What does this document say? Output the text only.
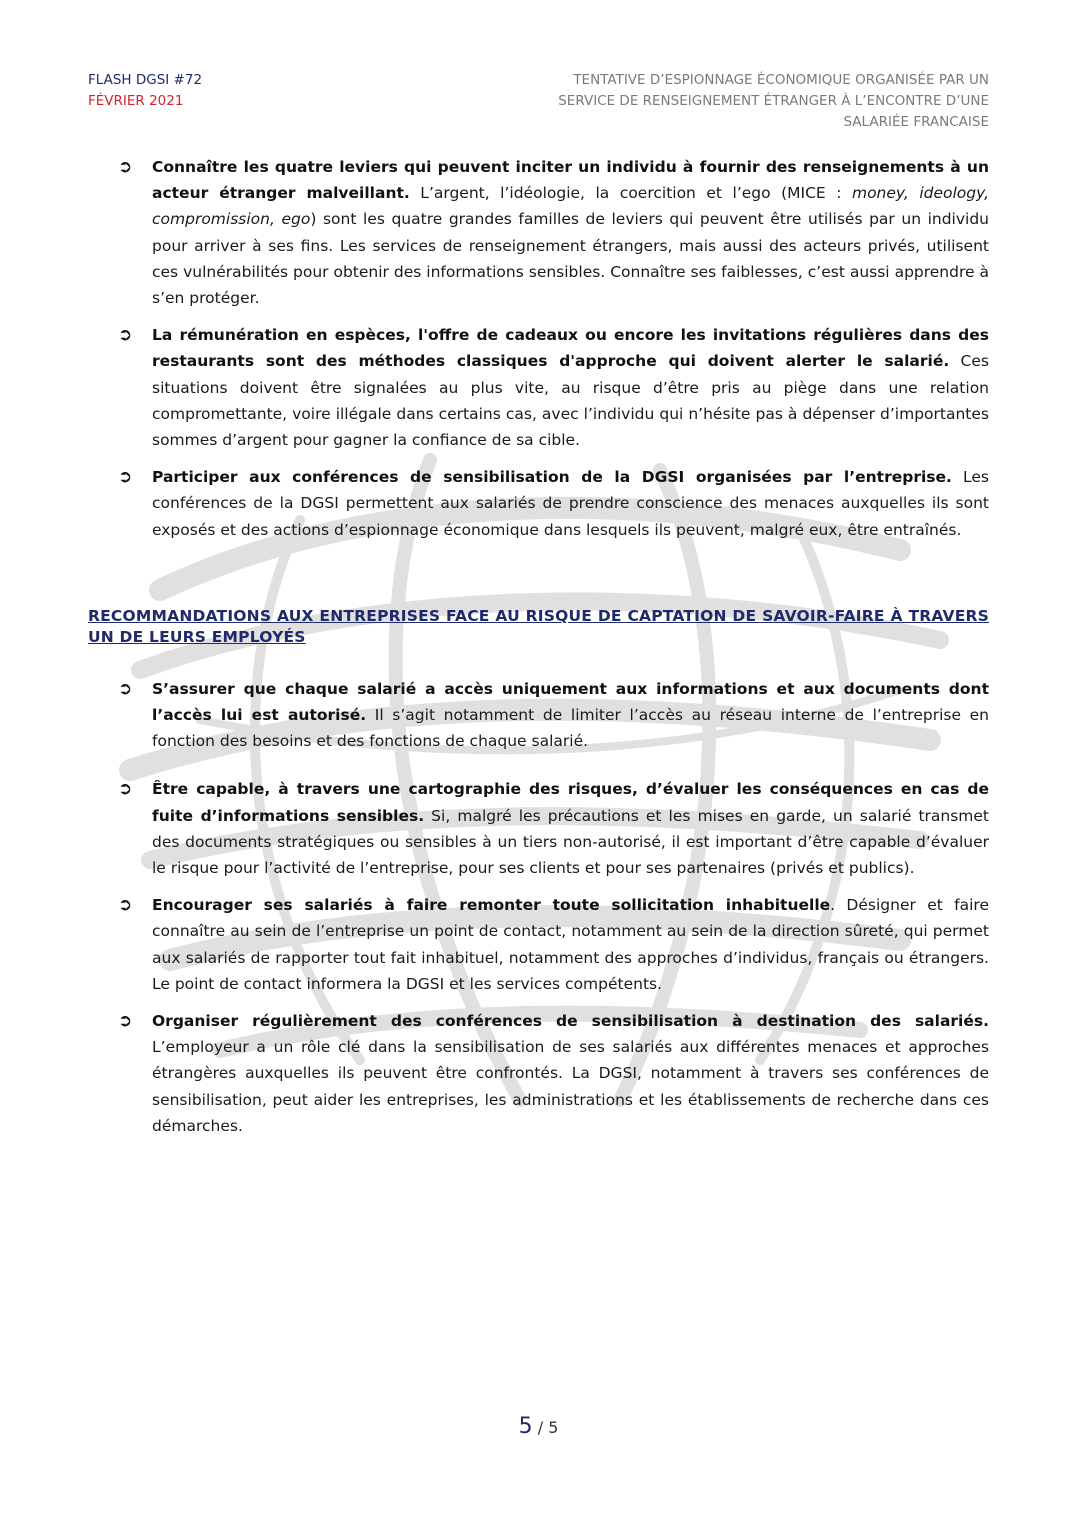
FLASH DGSI #72
FÉVRIER 2021
TENTATIVE D’ESPIONNAGE ÉCONOMIQUE ORGANISÉE PAR UN
SERVICE DE RENSEIGNEMENT ÉTRANGER À L’ENCONTRE D’UNE
SALARIÉE FRANCAISE
➲ Connaître les quatre leviers qui peuvent inciter un individu à fournir des renseignements à un acteur étranger malveillant. L’argent, l’idéologie, la coercition et l’ego (MICE : money, ideology, compromission, ego) sont les quatre grandes familles de leviers qui peuvent être utilisés par un individu pour arriver à ses fins. Les services de renseignement étrangers, mais aussi des acteurs privés, utilisent ces vulnérabilités pour obtenir des informations sensibles. Connaître ses faiblesses, c’est aussi apprendre à s’en protéger.
➲ La rémunération en espèces, l'offre de cadeaux ou encore les invitations régulières dans des restaurants sont des méthodes classiques d'approche qui doivent alerter le salarié. Ces situations doivent être signalées au plus vite, au risque d’être pris au piège dans une relation compromettante, voire illégale dans certains cas, avec l’individu qui n’hésite pas à dépenser d’importantes sommes d’argent pour gagner la confiance de sa cible.
➲ Participer aux conférences de sensibilisation de la DGSI organisées par l’entreprise. Les conférences de la DGSI permettent aux salariés de prendre conscience des menaces auxquelles ils sont exposés et des actions d’espionnage économique dans lesquels ils peuvent, malgré eux, être entraînés.
RECOMMANDATIONS AUX ENTREPRISES FACE AU RISQUE DE CAPTATION DE SAVOIR-FAIRE À TRAVERS UN DE LEURS EMPLOYÉS
➲ S’assurer que chaque salarié a accès uniquement aux informations et aux documents dont l’accès lui est autorisé. Il s’agit notamment de limiter l’accès au réseau interne de l’entreprise en fonction des besoins et des fonctions de chaque salarié.
➲ Être capable, à travers une cartographie des risques, d’évaluer les conséquences en cas de fuite d’informations sensibles. Si, malgré les précautions et les mises en garde, un salarié transmet des documents stratégiques ou sensibles à un tiers non-autorisé, il est important d’être capable d’évaluer le risque pour l’activité de l’entreprise, pour ses clients et pour ses partenaires (privés et publics).
➲ Encourager ses salariés à faire remonter toute sollicitation inhabituelle. Désigner et faire connaître au sein de l’entreprise un point de contact, notamment au sein de la direction sûreté, qui permet aux salariés de rapporter tout fait inhabituel, notamment des approches d’individus, français ou étrangers. Le point de contact informera la DGSI et les services compétents.
➲ Organiser régulièrement des conférences de sensibilisation à destination des salariés. L’employeur a un rôle clé dans la sensibilisation de ses salariés aux différentes menaces et approches étrangères auxquelles ils peuvent être confrontés. La DGSI, notamment à travers ses conférences de sensibilisation, peut aider les entreprises, les administrations et les établissements de recherche dans ces démarches.
5 / 5
